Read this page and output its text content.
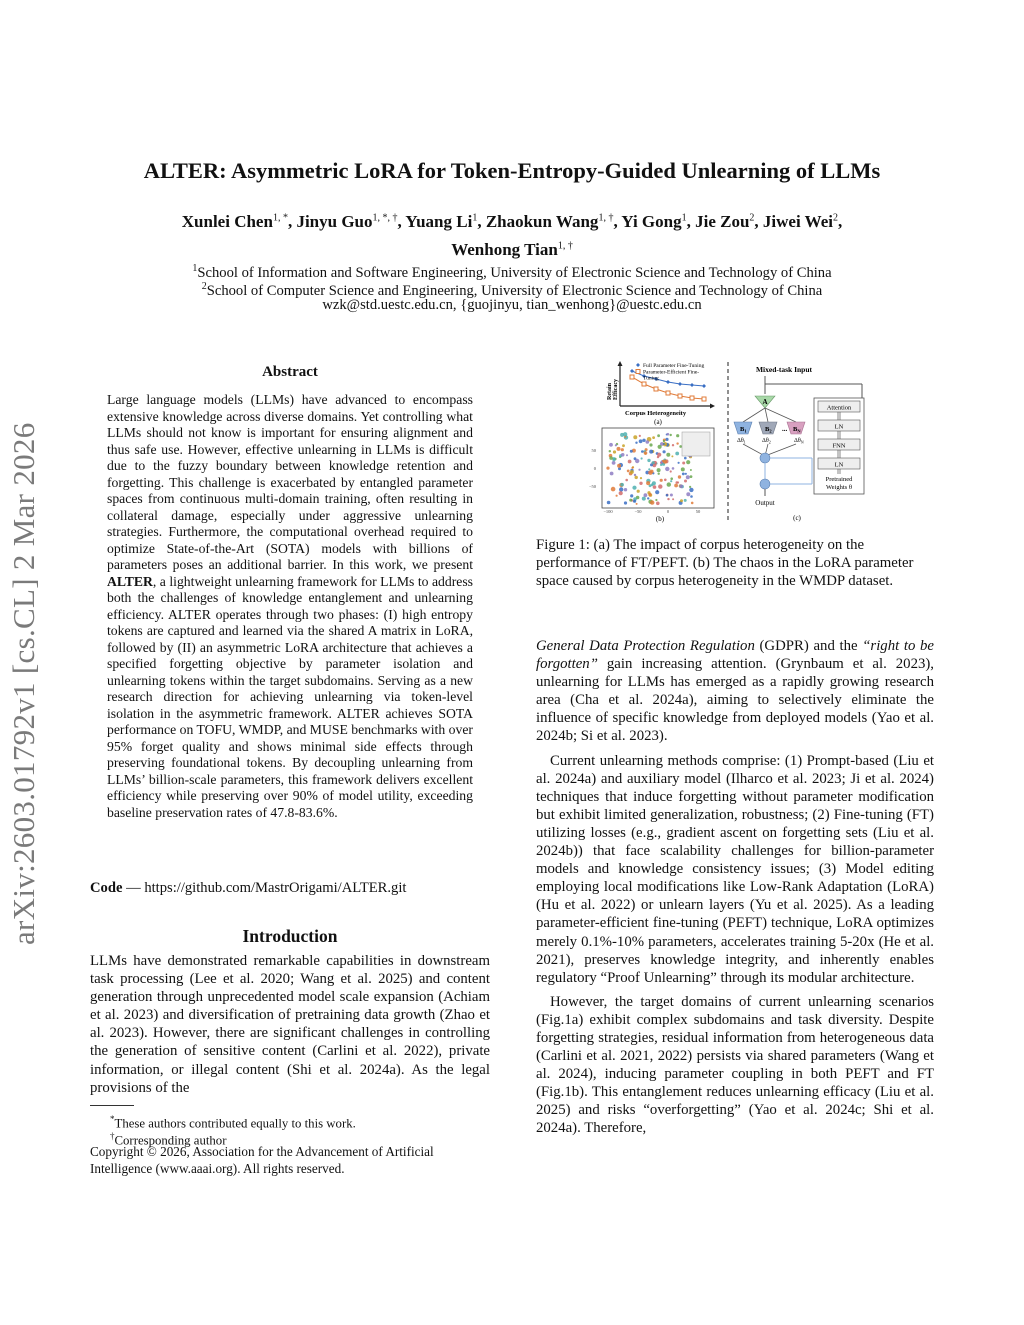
ALTER: Asymmetric LoRA for Token-Entropy-Guided Unlearning of LLMs
Xunlei Chen$^{1, *}$, Jinyu Guo$^{1, *, \dagger}$, Yuang Li$^1$, Zhaokun Wang$^{1, \dagger}$, Yi Gong$^1$, Jie Zou$^2$, Jiwei Wei$^2$,
Wenhong Tian$^{1, \dagger}$
$^1$School of Information and Software Engineering, University of Electronic Science and Technology of China
$^2$School of Computer Science and Engineering, University of Electronic Science and Technology of China
wzk@std.uestc.edu.cn, {guojinyu, tian_wenhong}@uestc.edu.cn
arXiv:2603.01792v1 [cs.CL] 2 Mar 2026
Abstract
Large language models (LLMs) have advanced to encompass extensive knowledge across diverse domains. Yet controlling what LLMs should not know is important for ensuring alignment and thus safe use. However, effective unlearning in LLMs is difficult due to the fuzzy boundary between knowledge retention and forgetting. This challenge is exacerbated by entangled parameter spaces from continuous multi-domain training, often resulting in collateral damage, especially under aggressive unlearning strategies. Furthermore, the computational overhead required to optimize State-of-the-Art (SOTA) models with billions of parameters poses an additional barrier. In this work, we present ALTER, a lightweight unlearning framework for LLMs to address both the challenges of knowledge entanglement and unlearning efficiency. ALTER operates through two phases: (I) high entropy tokens are captured and learned via the shared A matrix in LoRA, followed by (II) an asymmetric LoRA architecture that achieves a specified forgetting objective by parameter isolation and unlearning tokens within the target subdomains. Serving as a new research direction for achieving unlearning via token-level isolation in the asymmetric framework. ALTER achieves SOTA performance on TOFU, WMDP, and MUSE benchmarks with over 95% forget quality and shows minimal side effects through preserving foundational tokens. By decoupling unlearning from LLMs’ billion-scale parameters, this framework delivers excellent efficiency while preserving over 90% of model utility, exceeding baseline preservation rates of 47.8-83.6%.
Code — https://github.com/MastrOrigami/ALTER.git
Introduction
LLMs have demonstrated remarkable capabilities in downstream task processing (Lee et al. 2020; Wang et al. 2025) and content generation through unprecedented model scale expansion (Achiam et al. 2023) and diversification of pretraining data growth (Zhao et al. 2023). However, there are significant challenges in controlling the generation of sensitive content (Carlini et al. 2022), private information, or illegal content (Shi et al. 2024a). As the legal provisions of the
*These authors contributed equally to this work.
†Corresponding author
Copyright © 2026, Association for the Advancement of Artificial Intelligence (www.aaai.org). All rights reserved.
Retain Efficacy
Full Parameter Fine-Tuning
Parameter-Efficient Fine-
Tuning
Corpus Heterogeneity
(a)
50
0
−50
−100	−50	0	50
(b)
Mixed-task Input
A
$B_1$	$B_2$	$B_N$
...
$\Delta\theta_1$	$\Delta\theta_2$	$\Delta\theta_N$
Output
Attention
LN
FNN
LN
Pretrained
Weights θ
(c)
Figure 1: (a) The impact of corpus heterogeneity on the performance of FT/PEFT. (b) The chaos in the LoRA parameter space caused by corpus heterogeneity in the WMDP dataset.

General Data Protection Regulation (GDPR) and the “right to be forgotten” gain increasing attention. (Grynbaum et al. 2023), unlearning for LLMs has emerged as a rapidly growing research area (Cha et al. 2024a), aiming to selectively eliminate the influence of specific knowledge from deployed models (Yao et al. 2024b; Si et al. 2023).

Current unlearning methods comprise: (1) Prompt-based (Liu et al. 2024a) and auxiliary model (Ilharco et al. 2023; Ji et al. 2024) techniques that induce forgetting without parameter modification but exhibit limited generalization, robustness; (2) Fine-tuning (FT) utilizing losses (e.g., gradient ascent on forgetting sets (Liu et al. 2024b)) that face scalability challenges for billion-parameter models and knowledge consistency issues; (3) Model editing employing local modifications like Low-Rank Adaptation (LoRA) (Hu et al. 2022) or unlearn layers (Yu et al. 2025). As a leading parameter-efficient fine-tuning (PEFT) technique, LoRA optimizes merely 0.1%-10% parameters, accelerates training 5-20x (He et al. 2021), preserves knowledge integrity, and inherently enables regulatory “Proof Unlearning” through its modular architecture.

However, the target domains of current unlearning scenarios (Fig.1a) exhibit complex subdomains and task diversity. Despite forgetting strategies, residual information from heterogeneous data (Carlini et al. 2021, 2022) persists via shared parameters (Wang et al. 2024), inducing parameter coupling in both PEFT and FT (Fig.1b). This entanglement reduces unlearning efficacy (Liu et al. 2025) and risks “overforgetting” (Yao et al. 2024c; Shi et al. 2024a). Therefore,
